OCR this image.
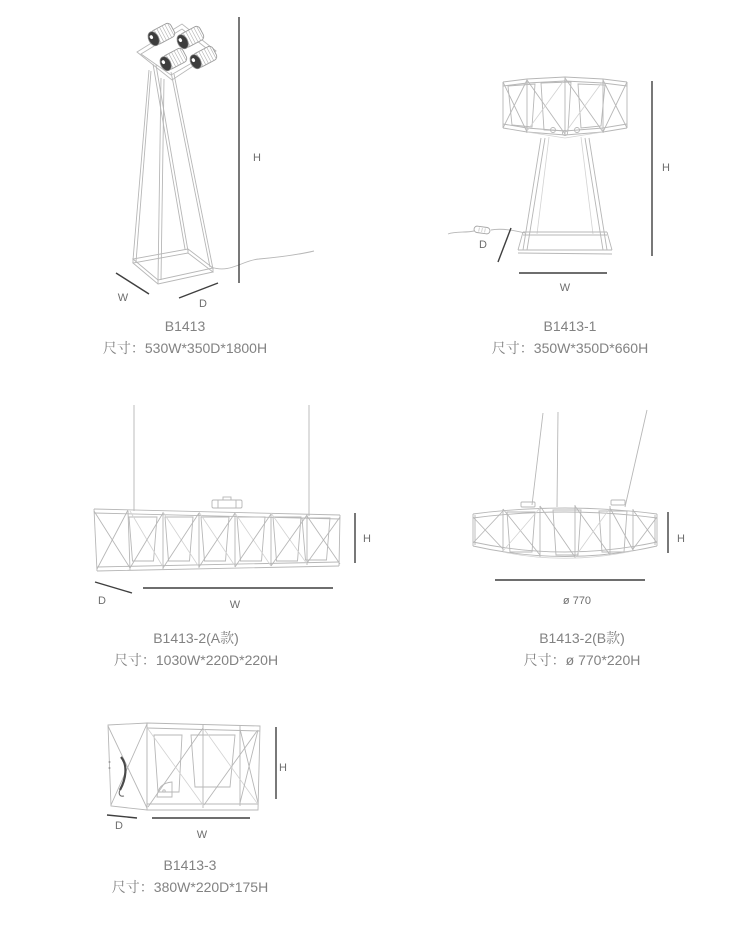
W	D
H
B1413
尺寸：530W*350D*1800H
W
D
H
B1413-1
尺寸：350W*350D*660H
W
D
H
B1413-2(A款)
尺寸：1030W*220D*220H
ø 770
H
B1413-2(B款)
尺寸：ø 770*220H
W
D
H
B1413-3
尺寸：380W*220D*175H
